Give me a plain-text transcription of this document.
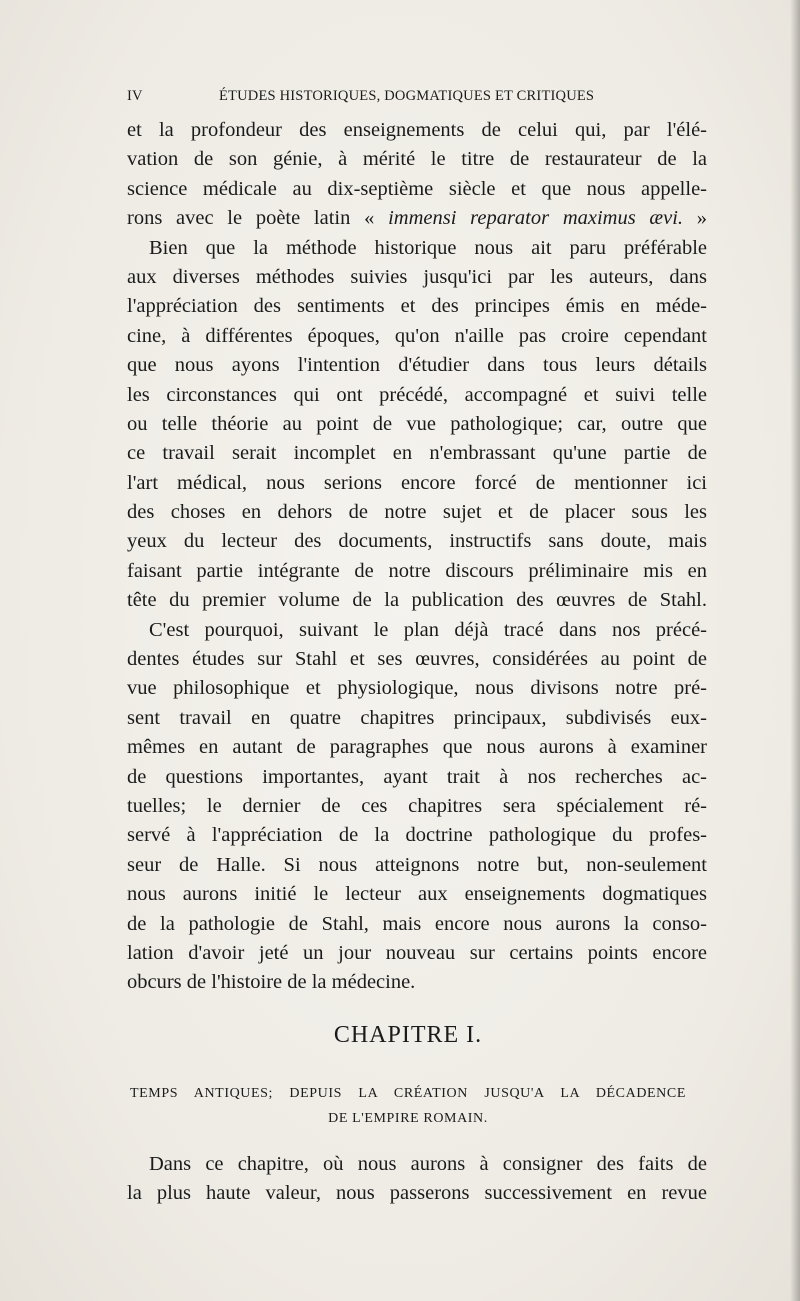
IV	ÉTUDES HISTORIQUES, DOGMATIQUES ET CRITIQUES
et la profondeur des enseignements de celui qui, par l'élé-
vation de son génie, à mérité le titre de restaurateur de la
science médicale au dix-septième siècle et que nous appelle-
rons avec le poète latin « immensi reparator maximus ævi. »
Bien que la méthode historique nous ait paru préférable
aux diverses méthodes suivies jusqu'ici par les auteurs, dans
l'appréciation des sentiments et des principes émis en méde-
cine, à différentes époques, qu'on n'aille pas croire cependant
que nous ayons l'intention d'étudier dans tous leurs détails
les circonstances qui ont précédé, accompagné et suivi telle
ou telle théorie au point de vue pathologique; car, outre que
ce travail serait incomplet en n'embrassant qu'une partie de
l'art médical, nous serions encore forcé de mentionner ici
des choses en dehors de notre sujet et de placer sous les
yeux du lecteur des documents, instructifs sans doute, mais
faisant partie intégrante de notre discours préliminaire mis en
tête du premier volume de la publication des œuvres de Stahl.
C'est pourquoi, suivant le plan déjà tracé dans nos précé-
dentes études sur Stahl et ses œuvres, considérées au point de
vue philosophique et physiologique, nous divisons notre pré-
sent travail en quatre chapitres principaux, subdivisés eux-
mêmes en autant de paragraphes que nous aurons à examiner
de questions importantes, ayant trait à nos recherches ac-
tuelles; le dernier de ces chapitres sera spécialement ré-
servé à l'appréciation de la doctrine pathologique du profes-
seur de Halle. Si nous atteignons notre but, non-seulement
nous aurons initié le lecteur aux enseignements dogmatiques
de la pathologie de Stahl, mais encore nous aurons la conso-
lation d'avoir jeté un jour nouveau sur certains points encore
obcurs de l'histoire de la médecine.
CHAPITRE I.
TEMPS ANTIQUES; DEPUIS LA CRÉATION JUSQU'A LA DÉCADENCE
DE L'EMPIRE ROMAIN.
Dans ce chapitre, où nous aurons à consigner des faits de
la plus haute valeur, nous passerons successivement en revue
